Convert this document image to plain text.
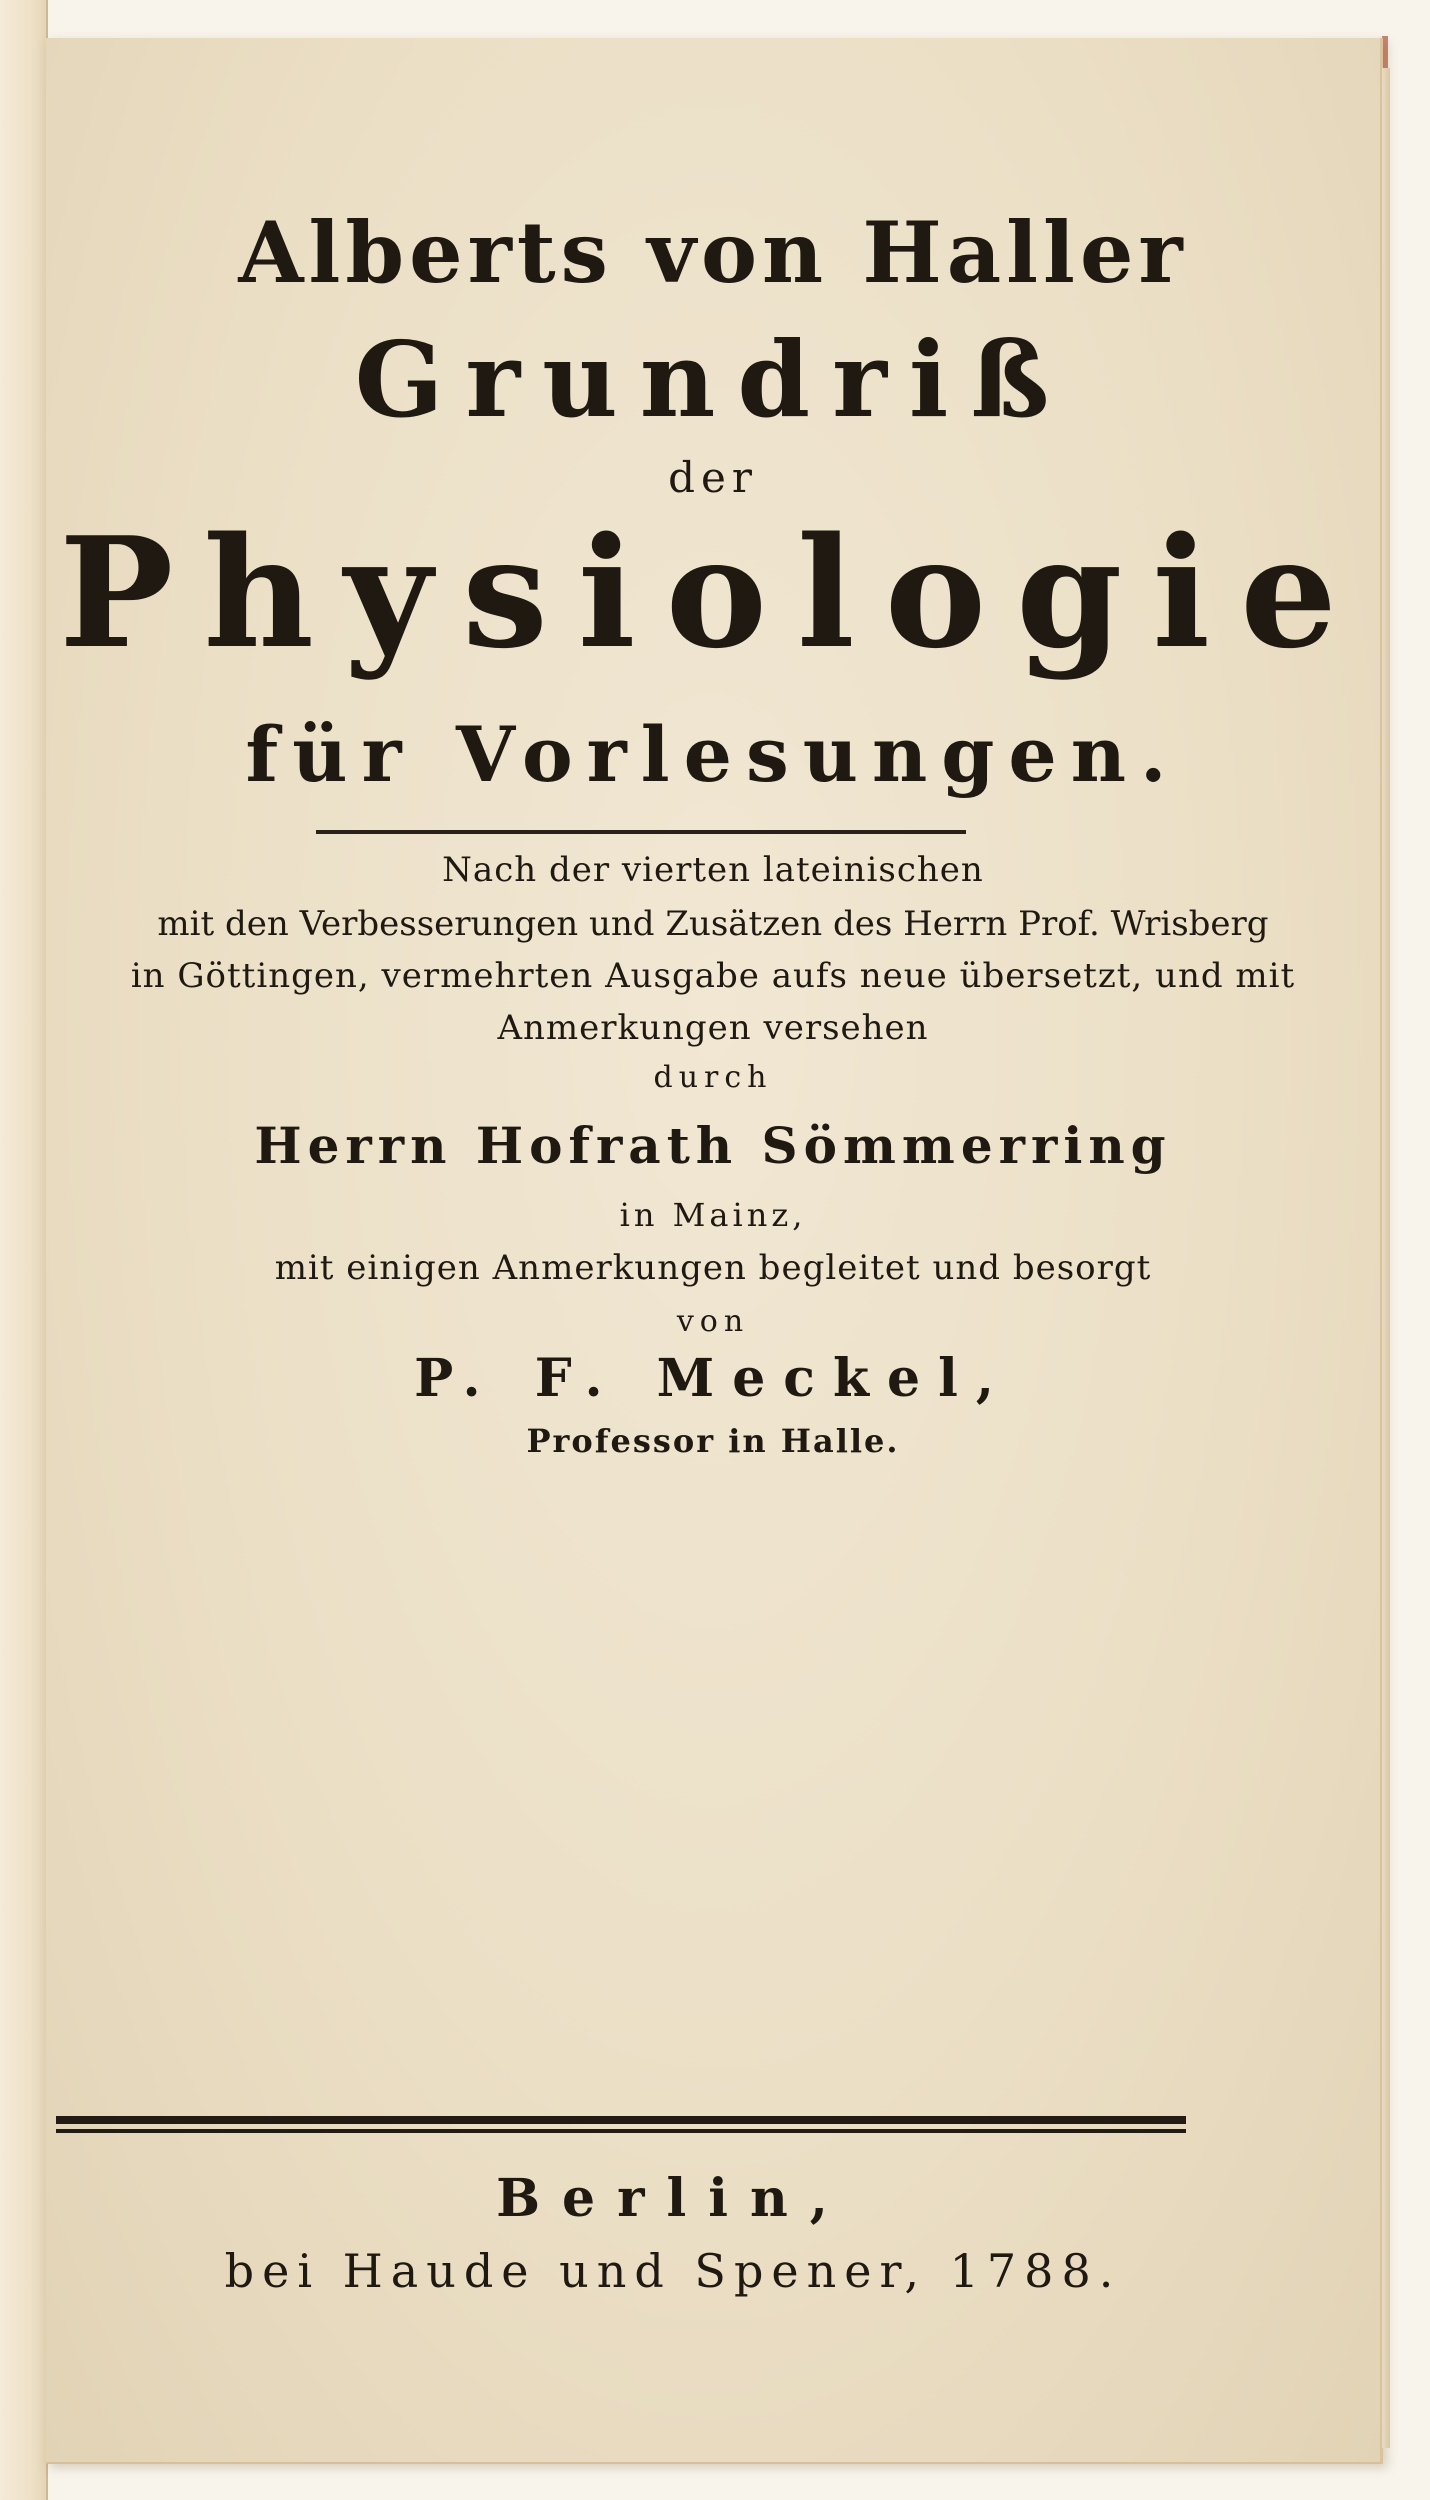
Alberts von Haller

Grundriß

der

Physiologie

für Vorlesungen.

Nach der vierten lateinischen

mit den Verbesserungen und Zusätzen des Herrn Prof. Wrisberg

in Göttingen, vermehrten Ausgabe aufs neue übersetzt, und mit

Anmerkungen versehen

durch

Herrn Hofrath Sömmerring

in Mainz,

mit einigen Anmerkungen begleitet und besorgt

von

P. F. Meckel,

Professor in Halle.

Berlin,

bei Haude und Spener, 1788.
